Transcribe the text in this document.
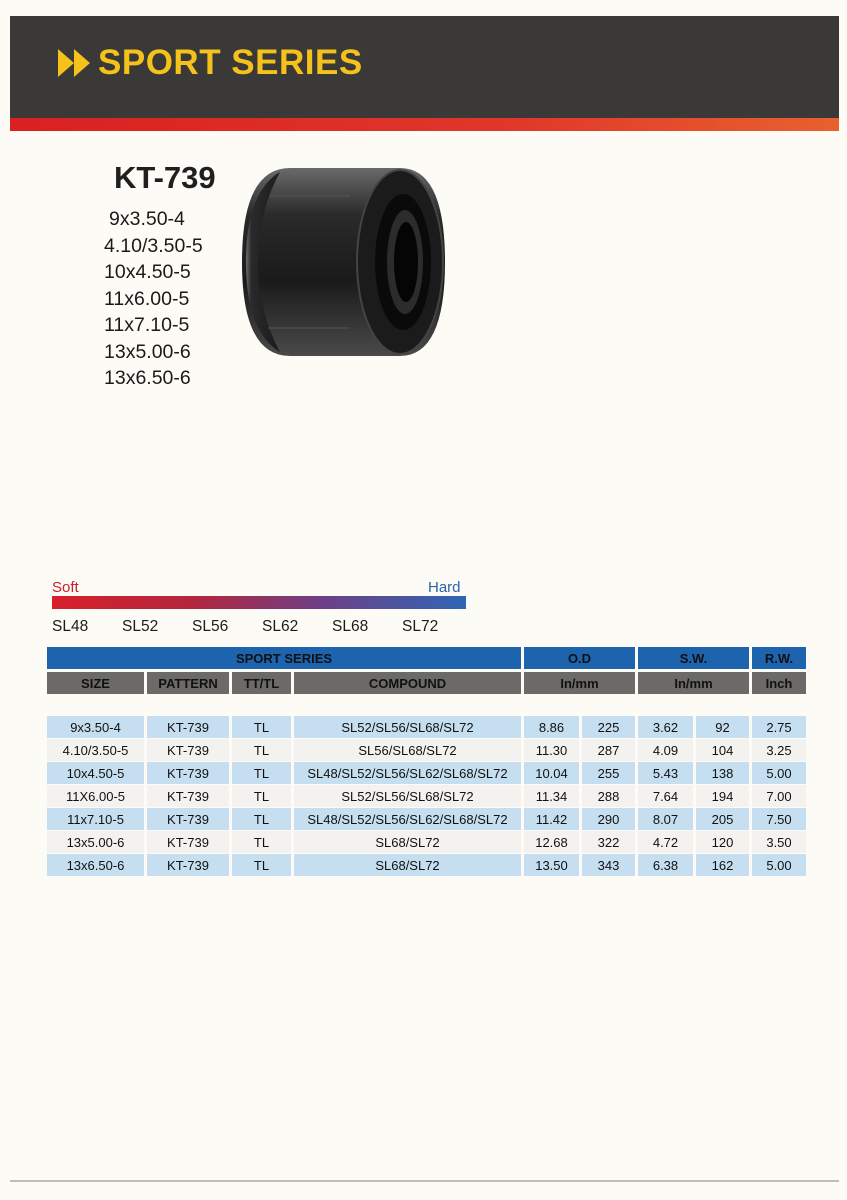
SPORT SERIES
KT-739
9x3.50-4
4.10/3.50-5
10x4.50-5
11x6.00-5
11x7.10-5
13x5.00-6
13x6.50-6
Soft	Hard
SL48	SL52	SL56	SL62	SL68	SL72
SPORT SERIES				O.D		S.W.		R.W.
SIZE	PATTERN	TT/TL	COMPOUND	In/mm		In/mm		Inch

9x3.50-4	KT-739	TL	SL52/SL56/SL68/SL72	8.86	225	3.62	92	2.75
4.10/3.50-5	KT-739	TL	SL56/SL68/SL72	11.30	287	4.09	104	3.25
10x4.50-5	KT-739	TL	SL48/SL52/SL56/SL62/SL68/SL72	10.04	255	5.43	138	5.00
11X6.00-5	KT-739	TL	SL52/SL56/SL68/SL72	11.34	288	7.64	194	7.00
11x7.10-5	KT-739	TL	SL48/SL52/SL56/SL62/SL68/SL72	11.42	290	8.07	205	7.50
13x5.00-6	KT-739	TL	SL68/SL72	12.68	322	4.72	120	3.50
13x6.50-6	KT-739	TL	SL68/SL72	13.50	343	6.38	162	5.00
